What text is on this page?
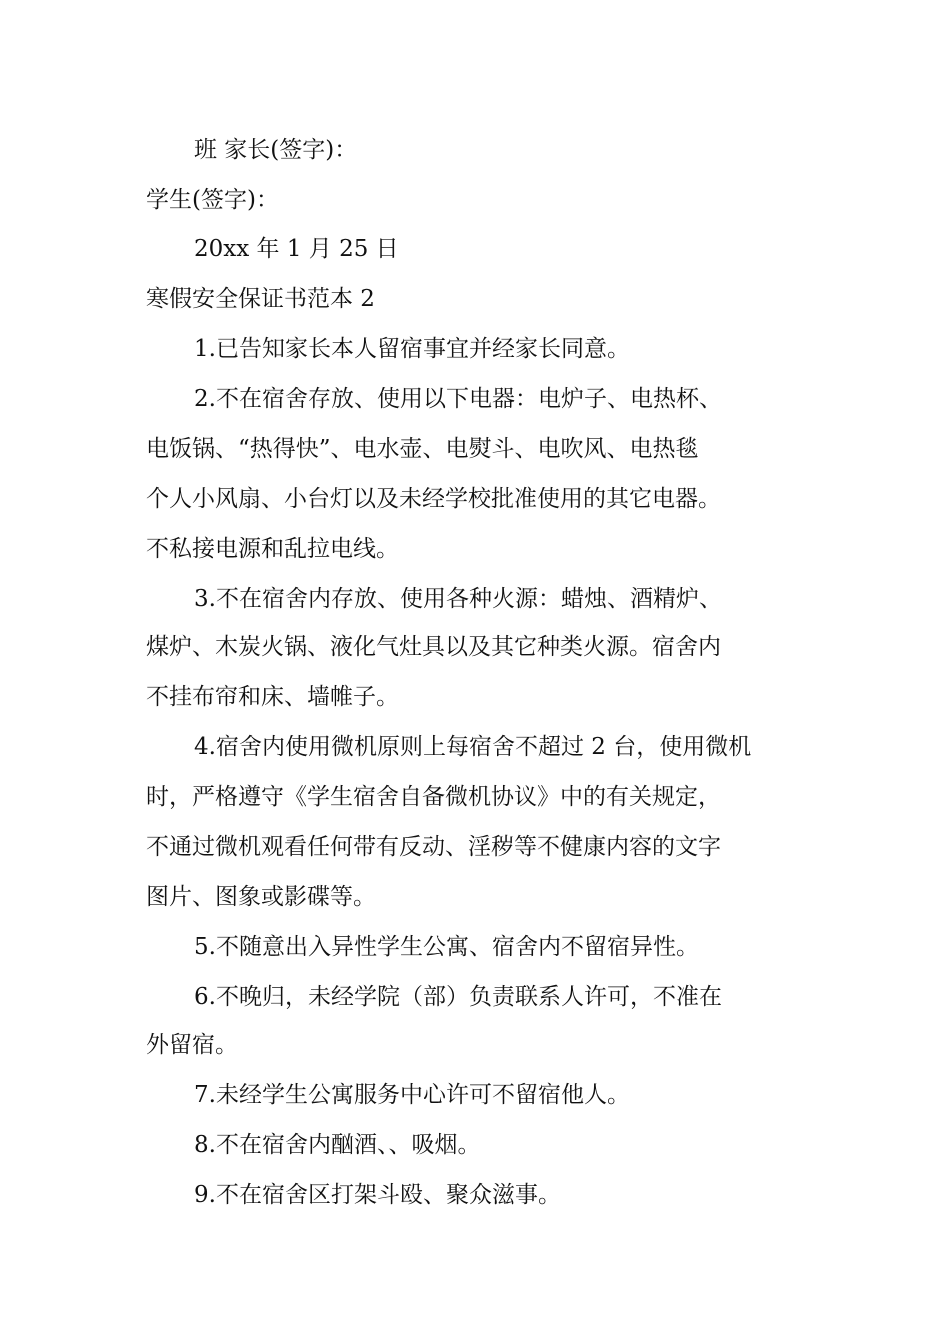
班 家长(签字)：
学生(签字)：
20xx 年 1 月 25 日
寒假安全保证书范本 2
1.已告知家长本人留宿事宜并经家长同意。
2.不在宿舍存放、使用以下电器：电炉子、电热杯、
电饭锅、“热得快”、电水壶、电熨斗、电吹风、电热毯
个人小风扇、小台灯以及未经学校批准使用的其它电器。
不私接电源和乱拉电线。
3.不在宿舍内存放、使用各种火源：蜡烛、酒精炉、
煤炉、木炭火锅、液化气灶具以及其它种类火源。宿舍内
不挂布帘和床、墙帷子。
4.宿舍内使用微机原则上每宿舍不超过 2 台，使用微机
时，严格遵守《学生宿舍自备微机协议》中的有关规定，
不通过微机观看任何带有反动、淫秽等不健康内容的文字
图片、图象或影碟等。
5.不随意出入异性学生公寓、宿舍内不留宿异性。
6.不晚归，未经学院（部）负责联系人许可，不准在
外留宿。
7.未经学生公寓服务中心许可不留宿他人。
8.不在宿舍内酗酒、、吸烟。
9.不在宿舍区打架斗殴、聚众滋事。
